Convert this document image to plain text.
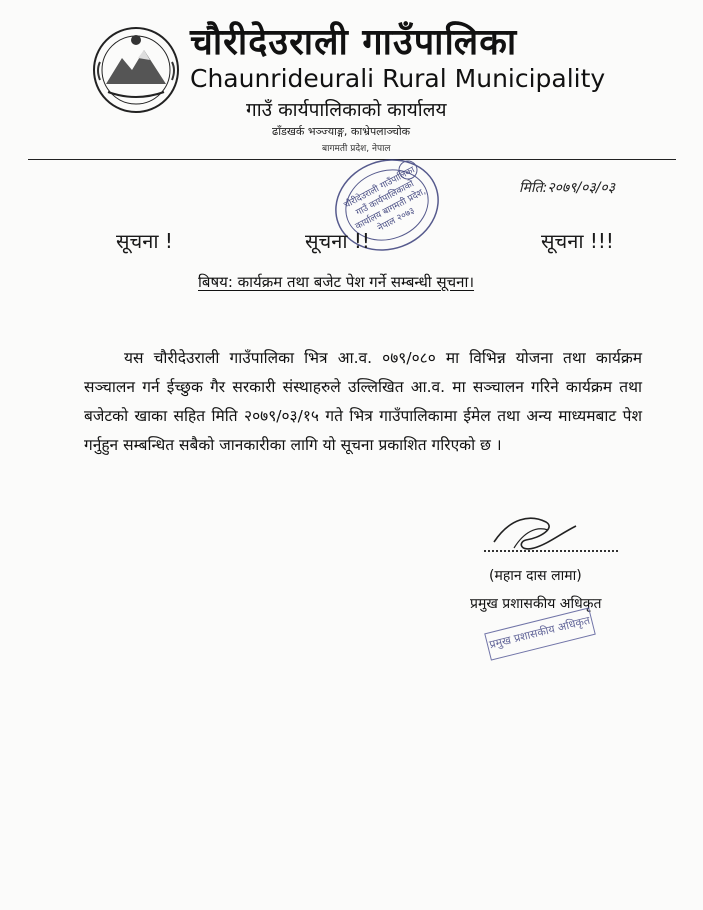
चौरीदेउराली गाउँपालिका
Chaunrideurali Rural Municipality
गाउँ कार्यपालिकाको कार्यालय
ढाँडखर्क भञ्ज्याङ्ग, काभ्रेपलाञ्चोक
बागमती प्रदेश, नेपाल
चौरीदेउराली गाउँपालिका गाउँ कार्यपालिकाको कार्यालय बागमती प्रदेश, नेपाल २०७३
मिति:२०७९/०३/०३
सूचना !	सूचना !!	सूचना !!!
बिषय: कार्यक्रम तथा बजेट पेश गर्ने सम्बन्धी सूचना।
यस चौरीदेउराली गाउँपालिका भित्र आ.व. ०७९/०८० मा विभिन्न योजना तथा कार्यक्रम सञ्चालन गर्न ईच्छुक गैर सरकारी संस्थाहरुले उल्लिखित आ.व. मा सञ्चालन गरिने कार्यक्रम तथा बजेटको खाका सहित मिति २०७९/०३/१५ गते भित्र गाउँपालिकामा ईमेल तथा अन्य माध्यमबाट पेश गर्नुहुन सम्बन्धित सबैको जानकारीका लागि यो सूचना प्रकाशित गरिएको छ ।
(महान दास लामा)
प्रमुख प्रशासकीय अधिकृत
प्रमुख प्रशासकीय अधिकृत
